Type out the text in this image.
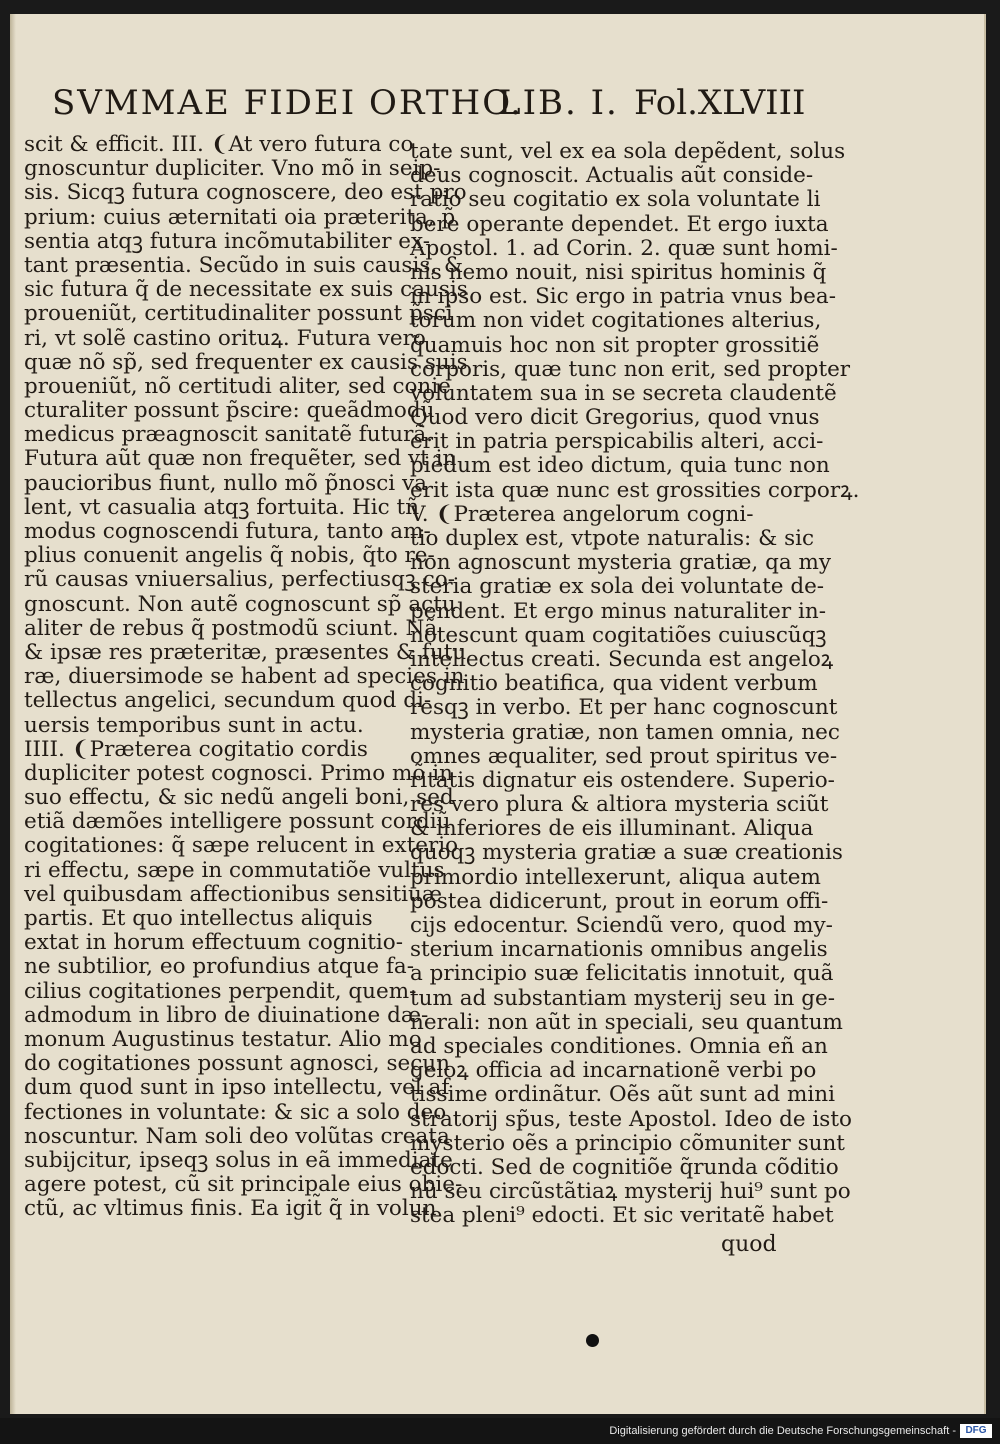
SVMMAE FIDEI ORTHO.
LIB. I. Fol.XLVIII
scit & efficit. III. ❨At vero futura co
gnoscuntur dupliciter. Vno mõ in seip-
sis. Sicqꝫ futura cognoscere, deo est pro
prium: cuius æternitati oia præterita, p̃
sentia atqꝫ futura incõmutabiliter ex-
tant præsentia. Secũdo in suis causis, &
sic futura q̃ de necessitate ex suis causis
proueniũt, certitudinaliter possunt p̃sci
ri, vt solẽ castino orituꝝ. Futura vero
quæ nõ sp̃, sed frequenter ex causis suis
proueniũt, nõ certitudi aliter, sed conie
cturaliter possunt p̃scire: queãdmodũ
medicus præagnoscit sanitatẽ futurã.
Futura aũt quæ non frequẽter, sed vt in
paucioribus fiunt, nullo mõ p̃nosci va
lent, vt casualia atqꝫ fortuita. Hic tñ
modus cognoscendi futura, tanto am-
plius conuenit angelis q̃ nobis, q̃to re-
rũ causas vniuersalius, perfectiusqꝫ co-
gnoscunt. Non autẽ cognoscunt sp̃ actu
aliter de rebus q̃ postmodũ sciunt. Nã
& ipsæ res præteritæ, præsentes & futu
ræ, diuersimode se habent ad species in
tellectus angelici, secundum quod di-
uersis temporibus sunt in actu.
IIII. ❨Præterea cogitatio cordis
dupliciter potest cognosci. Primo mõ in
suo effectu, & sic nedũ angeli boni, sed
etiã dæmões intelligere possunt cordiũ
cogitationes: q̃ sæpe relucent in exterio
ri effectu, sæpe in commutatiõe vultus
vel quibusdam affectionibus sensitiuæ
partis. Et quo intellectus aliquis
extat in horum effectuum cognitio-
ne subtilior, eo profundius atque fa-
cilius cogitationes perpendit, quem-
admodum in libro de diuinatione dæ-
monum Augustinus testatur. Alio mo
do cogitationes possunt agnosci, secun
dum quod sunt in ipso intellectu, vel af
fectiones in voluntate: & sic a solo deo
noscuntur. Nam soli deo volũtas creata
subijcitur, ipseqꝫ solus in eã immediate
agere potest, cũ sit principale eius obie-
ctũ, ac vltimus finis. Ea igit̃ q̃ in volun
tate sunt, vel ex ea sola depẽdent, solus
deus cognoscit. Actualis aũt conside-
ratio seu cogitatio ex sola voluntate li
bere operante dependet. Et ergo iuxta
Apostol. 1. ad Corin. 2. quæ sunt homi-
nis nemo nouit, nisi spiritus hominis q̃
in ipso est. Sic ergo in patria vnus bea-
torum non videt cogitationes alterius,
q̃uamuis hoc non sit propter grossitiẽ
corporis, quæ tunc non erit, sed propter
voluntatem sua in se secreta claudentẽ
Quod vero dicit Gregorius, quod vnus
erit in patria perspicabilis alteri, acci-
piẽdum est ideo dictum, quia tunc non
erit ista quæ nunc est grossities corporꝝ.
V. ❨Præterea angelorum cogni-
tio duplex est, vtpote naturalis: & sic
non agnoscunt mysteria gratiæ, qa my
steria gratiæ ex sola dei voluntate de-
pendent. Et ergo minus naturaliter in-
notescunt quam cogitatiões cuiuscũqꝫ
intellectus creati. Secunda est angeloꝝ
cognitio beatifica, qua vident verbum
resqꝫ in verbo. Et per hanc cognoscunt
mysteria gratiæ, non tamen omnia, nec
omnes æqualiter, sed prout spiritus ve-
ritatis dignatur eis ostendere. Superio-
res vero plura & altiora mysteria sciũt
& inferiores de eis illuminant. Aliqua
quoqꝫ mysteria gratiæ a suæ creationis
primordio intellexerunt, aliqua autem
postea didicerunt, prout in eorum offi-
cijs edocentur. Sciendũ vero, quod my-
sterium incarnationis omnibus angelis
a principio suæ felicitatis innotuit, quã
tum ad substantiam mysterij seu in ge-
nerali: non aũt in speciali, seu quantum
ad speciales conditiones. Omnia eñ an
geloꝝ officia ad incarnationẽ verbi po
tissime ordinãtur. Oẽs aũt sunt ad mini
stratorij sp̃us, teste Apostol. Ideo de isto
mysterio oẽs a principio cõmuniter sunt
edocti. Sed de cognitiõe q̃runda cõditio
nũ seu circũstãtiaꝝ mysterij hui⁹ sunt po
stea pleni⁹ edocti. Et sic veritatẽ habet
quod
Digitalisierung gefördert durch die Deutsche Forschungsgemeinschaft - DFG
